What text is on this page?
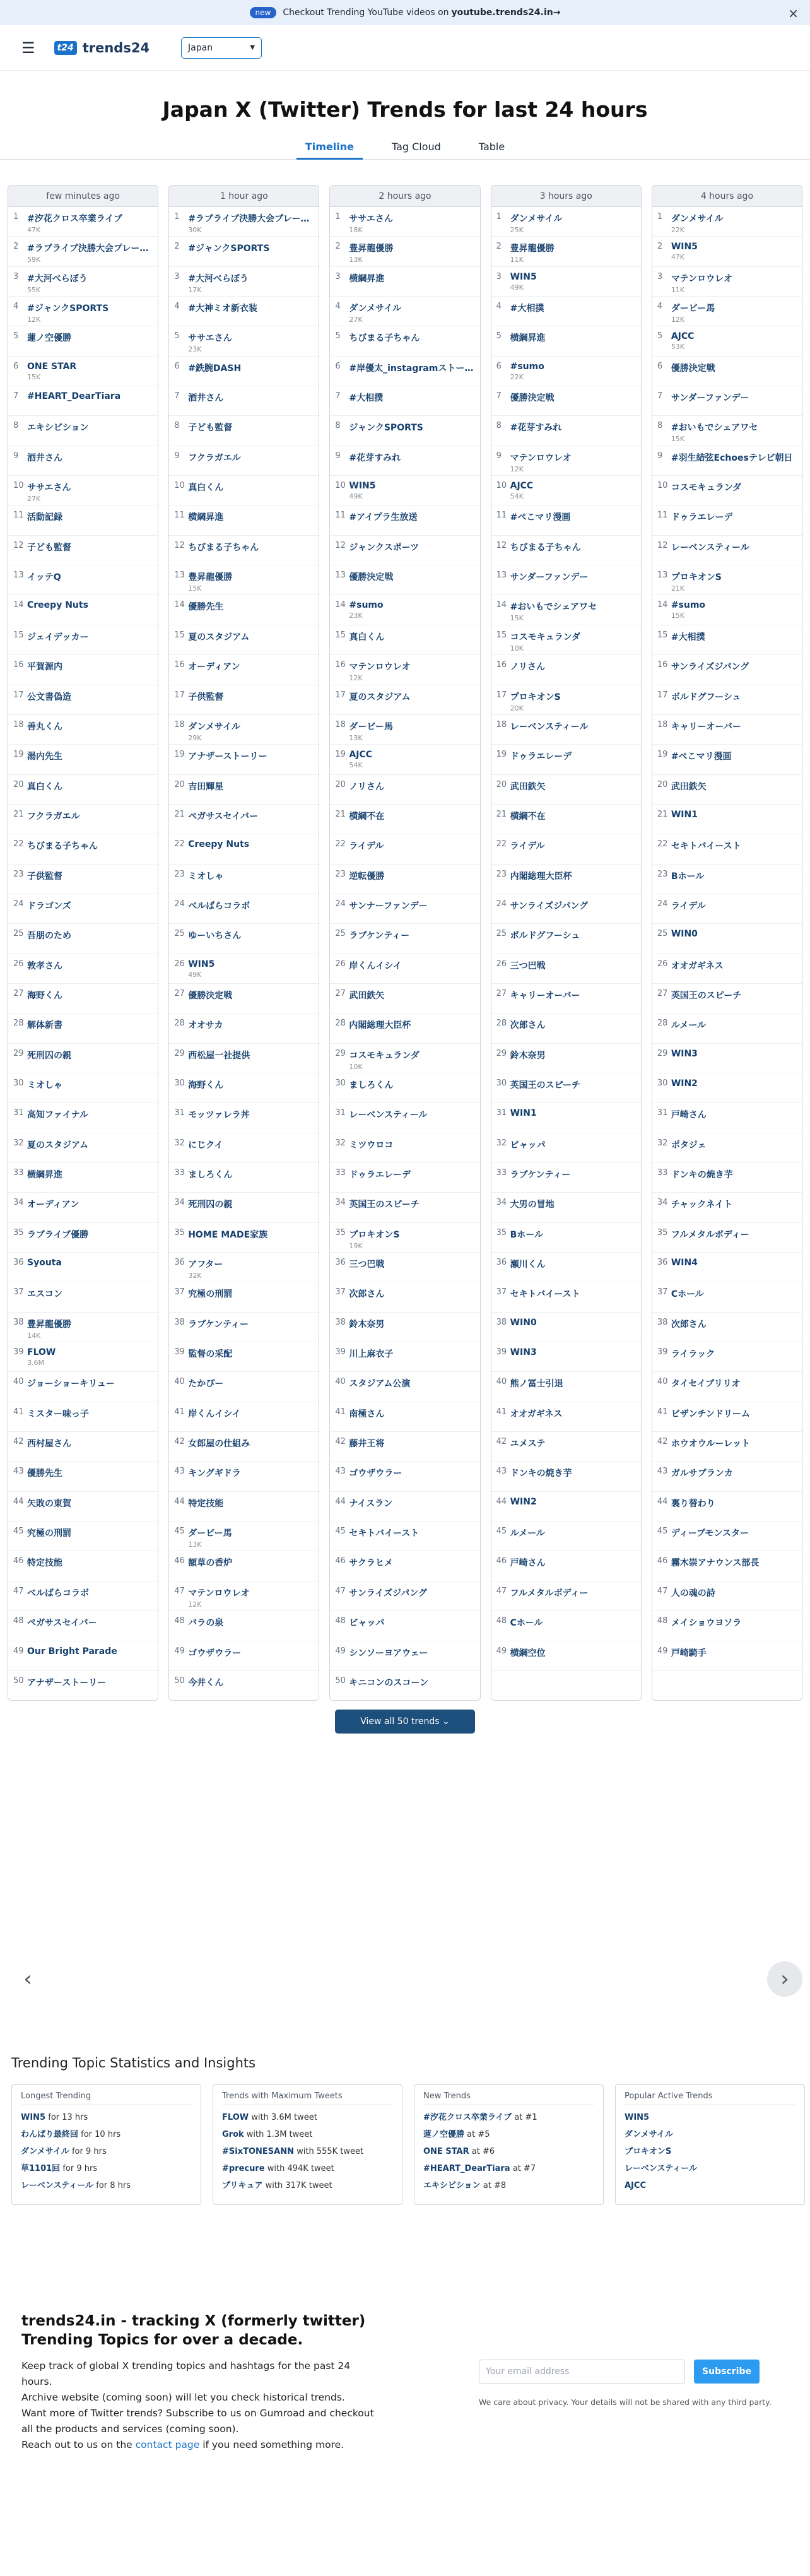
new	Checkout Trending YouTube videos on youtube.trends24.in→	×
☰	t24 trends24	Japan	▼
Japan X (Twitter) Trends for last 24 hours
Timeline	Tag Cloud	Table
few minutes ago
1 #汐花クロス卒業ライブ
47K
2 #ラブライブ決勝大会プレー…
59K
3 #大河べらぼう
55K
4 #ジャンクSPORTS
12K
5 蓮ノ空優勝
6 ONE STAR
15K
7 #HEART_DearTiara
8 エキシビション
9 酒井さん
10 ササエさん
27K
11 活動記録
12 子ども監督
13 イッテQ
14 Creepy Nuts
15 ジェイデッカー
16 平賀源内
17 公文書偽造
18 善丸くん
19 湯内先生
20 真白くん
21 フクラガエル
22 ちびまる子ちゃん
23 子供監督
24 ドラゴンズ
25 吾朋のため
26 敦孝さん
27 海野くん
28 解体新書
29 死刑囚の親
30 ミオしゃ
31 高知ファイナル
32 夏のスタジアム
33 横綱昇進
34 オーディアン
35 ラブライブ優勝
36 Syouta
37 エスコン
38 豊昇龍優勝
14K
39 FLOW
3.6M
40 ジョーショーキリュー
41 ミスター味っ子
42 西村屋さん
43 優勝先生
44 矢敗の東賀
45 究極の刑罰
46 特定技能
47 べルばらコラボ
48 ペガサスセイバー
49 Our Bright Parade
50 アナザーストーリー
1 hour ago
1 #ラブライブ決勝大会プレー…
30K
2 #ジャンクSPORTS
3 #大河べらぼう
17K
4 #大神ミオ新衣装
5 ササエさん
23K
6 #鉄腕DASH
7 酒井さん
8 子ども監督
9 フクラガエル
10 真白くん
11 横綱昇進
12 ちびまる子ちゃん
13 豊昇龍優勝
15K
14 優勝先生
15 夏のスタジアム
16 オーディアン
17 子供監督
18 ダンメサイル
29K
19 アナザーストーリー
20 吉田輝星
21 ペガサスセイバー
22 Creepy Nuts
23 ミオしゃ
24 べルばらコラボ
25 ゆーいちさん
26 WIN5
49K
27 優勝決定戦
28 オオサカ
29 西松屋一社提供
30 海野くん
31 モッツァレラ丼
32 にじクイ
33 ましろくん
34 死刑囚の親
35 HOME MADE家族
36 アフター
32K
37 究極の刑罰
38 ラブケンティー
39 監督の采配
40 たかぴー
41 岸くんイシイ
42 女郎屋の仕組み
43 キングギドラ
44 特定技能
45 ダービー馬
13K
46 額草の香炉
47 マテンロウレオ
12K
48 バラの泉
49 ゴウザウラー
50 今井くん
2 hours ago
1 ササエさん
18K
2 豊昇龍優勝
13K
3 横綱昇進
4 ダンメサイル
27K
5 ちびまる子ちゃん
6 #岸優太_instagramストー…
7 #大相撲
8 ジャンクSPORTS
9 #花芽すみれ
10 WIN5
49K
11 #アイプラ生放送
12 ジャンクスポーツ
13 優勝決定戦
14 #sumo
23K
15 真白くん
16 マテンロウレオ
12K
17 夏のスタジアム
18 ダービー馬
13K
19 AJCC
54K
20 ノリさん
21 横綱不在
22 ライデル
23 逆転優勝
24 サンナーファンデー
25 ラブケンティー
26 岸くんイシイ
27 武田鉄矢
28 内閣総理大臣杯
29 コスモキュランダ
10K
30 ましろくん
31 レーベンスティール
32 ミツウロコ
33 ドゥラエレーデ
34 英国王のスピーチ
35 プロキオンS
19K
36 三つ巴戦
37 次郎さん
38 鈴木奈男
39 川上麻衣子
40 スタジアム公演
41 南極さん
42 藤井王将
43 ゴウザウラー
44 ナイスラン
45 セキトバイースト
46 サクラヒメ
47 サンライズジパング
48 ビャッパ
49 シンソーヨアウェー
50 キニコンのスコーン
3 hours ago
1 ダンメサイル
25K
2 豊昇龍優勝
11K
3 WIN5
49K
4 #大相撲
5 横綱昇進
6 #sumo
22K
7 優勝決定戦
8 #花芽すみれ
9 マテンロウレオ
12K
10 AJCC
54K
11 #ぺこマリ漫画
12 ちびまる子ちゃん
13 サンダーファンデー
14 #おいもでシェアワセ
15K
15 コスモキュランダ
10K
16 ノリさん
17 プロキオンS
20K
18 レーベンスティール
19 ドゥラエレーデ
20 武田鉄矢
21 横綱不在
22 ライデル
23 内閣総理大臣杯
24 サンライズジパング
25 ボルドグフーシュ
26 三つ巴戦
27 キャリーオーバー
28 次郎さん
29 鈴木奈男
30 英国王のスピーチ
31 WIN1
32 ビャッパ
33 ラブケンティー
34 大男の冒地
35 Bホール
36 瀬川くん
37 セキトバイースト
38 WIN0
39 WIN3
40 熊ノ冨士引退
41 オオガギネス
42 ユメステ
43 ドンキの焼き芋
44 WIN2
45 ルメール
46 戸崎さん
47 フルメタルボディー
48 Cホール
49 横綱空位
4 hours ago
1 ダンメサイル
22K
2 WIN5
47K
3 マテンロウレオ
11K
4 ダービー馬
12K
5 AJCC
53K
6 優勝決定戦
7 サンダーファンデー
8 #おいもでシェアワセ
15K
9 #羽生結弦Echoesテレビ朝日
10 コスモキュランダ
11 ドゥラエレーデ
12 レーベンスティール
13 プロキオンS
21K
14 #sumo
15K
15 #大相撲
16 サンライズジパング
17 ボルドグフーシュ
18 キャリーオーバー
19 #ぺこマリ漫画
20 武田鉄矢
21 WIN1
22 セキトバイースト
23 Bホール
24 ライデル
25 WIN0
26 オオガギネス
27 英国王のスピーチ
28 ルメール
29 WIN3
30 WIN2
31 戸崎さん
32 ポタジェ
33 ドンキの焼き芋
34 チャックネイト
35 フルメタルボディー
36 WIN4
37 Cホール
38 次郎さん
39 ライラック
40 タイセイブリリオ
41 ビザンチンドリーム
42 ホウオウルーレット
43 ガルサブランカ
44 裏り替わり
45 ディーブモンスター
46 霧木崇アナウンス部長
47 人の魂の詩
48 メイショウヨソラ
49 戸崎騎手
View all 50 trends ⌄
‹	›
Trending Topic Statistics and Insights
Longest Trending
WIN5 for 13 hrs
わんぱり最終回 for 10 hrs
ダンメサイル for 9 hrs
草1101回 for 9 hrs
レーベンスティール for 8 hrs
Trends with Maximum Tweets
FLOW with 3.6M tweet
Grok with 1.3M tweet
#SixTONESANN with 555K tweet
#precure with 494K tweet
プリキュア with 317K tweet
New Trends
#汐花クロス卒業ライブ at #1
蓮ノ空優勝 at #5
ONE STAR at #6
#HEART_DearTiara at #7
エキシビション at #8
Popular Active Trends
WIN5
ダンメサイル
プロキオンS
レーベンスティール
AJCC
trends24.in - tracking X (formerly twitter) Trending Topics for over a decade.

Keep track of global X trending topics and hashtags for the past 24 hours.
Archive website (coming soon) will let you check historical trends.
Want more of Twitter trends? Subscribe to us on Gumroad and checkout all the products and services (coming soon).
Reach out to us on the contact page if you need something more.

Your email address	Subscribe
We care about privacy. Your details will not be shared with any third party.
